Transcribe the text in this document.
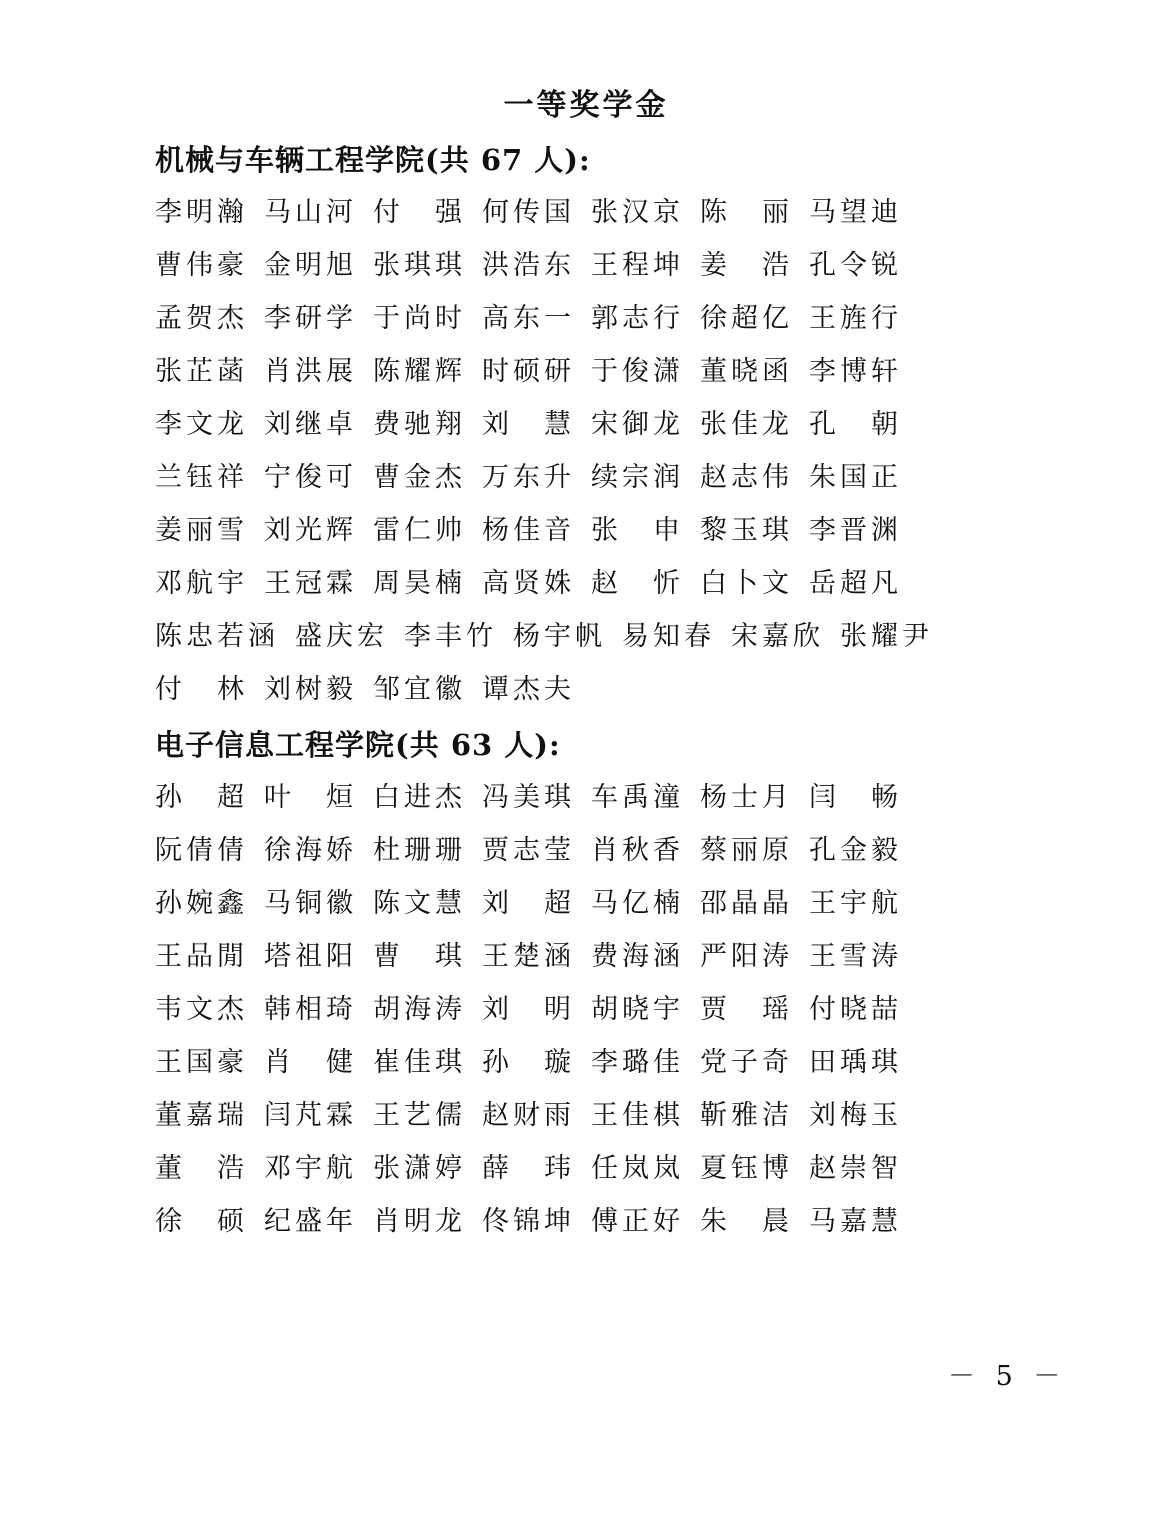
一等奖学金
机械与车辆工程学院(共 67 人):
李明瀚 马山河 付　强 何传国 张汉京 陈　丽 马望迪
曹伟豪 金明旭 张琪琪 洪浩东 王程坤 姜　浩 孔令锐
孟贺杰 李研学 于尚时 高东一 郭志行 徐超亿 王旌行
张芷菡 肖洪展 陈耀辉 时硕研 于俊潇 董晓函 李博轩
李文龙 刘继卓 费驰翔 刘　慧 宋御龙 张佳龙 孔　朝
兰钰祥 宁俊可 曹金杰 万东升 续宗润 赵志伟 朱国正
姜丽雪 刘光辉 雷仁帅 杨佳音 张　申 黎玉琪 李晋渊
邓航宇 王冠霖 周昊楠 高贤姝 赵　忻 白卜文 岳超凡
陈忠若涵 盛庆宏 李丰竹 杨宇帆 易知春 宋嘉欣 张耀尹
付　林 刘树毅 邹宜徽 谭杰夫
电子信息工程学院(共 63 人):
孙　超 叶　烜 白进杰 冯美琪 车禹潼 杨士月 闫　畅
阮倩倩 徐海娇 杜珊珊 贾志莹 肖秋香 蔡丽原 孔金毅
孙婉鑫 马铜徽 陈文慧 刘　超 马亿楠 邵晶晶 王宇航
王品閒 塔祖阳 曹　琪 王楚涵 费海涵 严阳涛 王雪涛
韦文杰 韩相琦 胡海涛 刘　明 胡晓宇 贾　瑶 付晓喆
王国豪 肖　健 崔佳琪 孙　璇 李璐佳 党子奇 田瑀琪
董嘉瑞 闫芃霖 王艺儒 赵财雨 王佳棋 靳雅洁 刘梅玉
董　浩 邓宇航 张潇婷 薛　玮 任岚岚 夏钰博 赵崇智
徐　硕 纪盛年 肖明龙 佟锦坤 傅正好 朱　晨 马嘉慧
－ 5 －
